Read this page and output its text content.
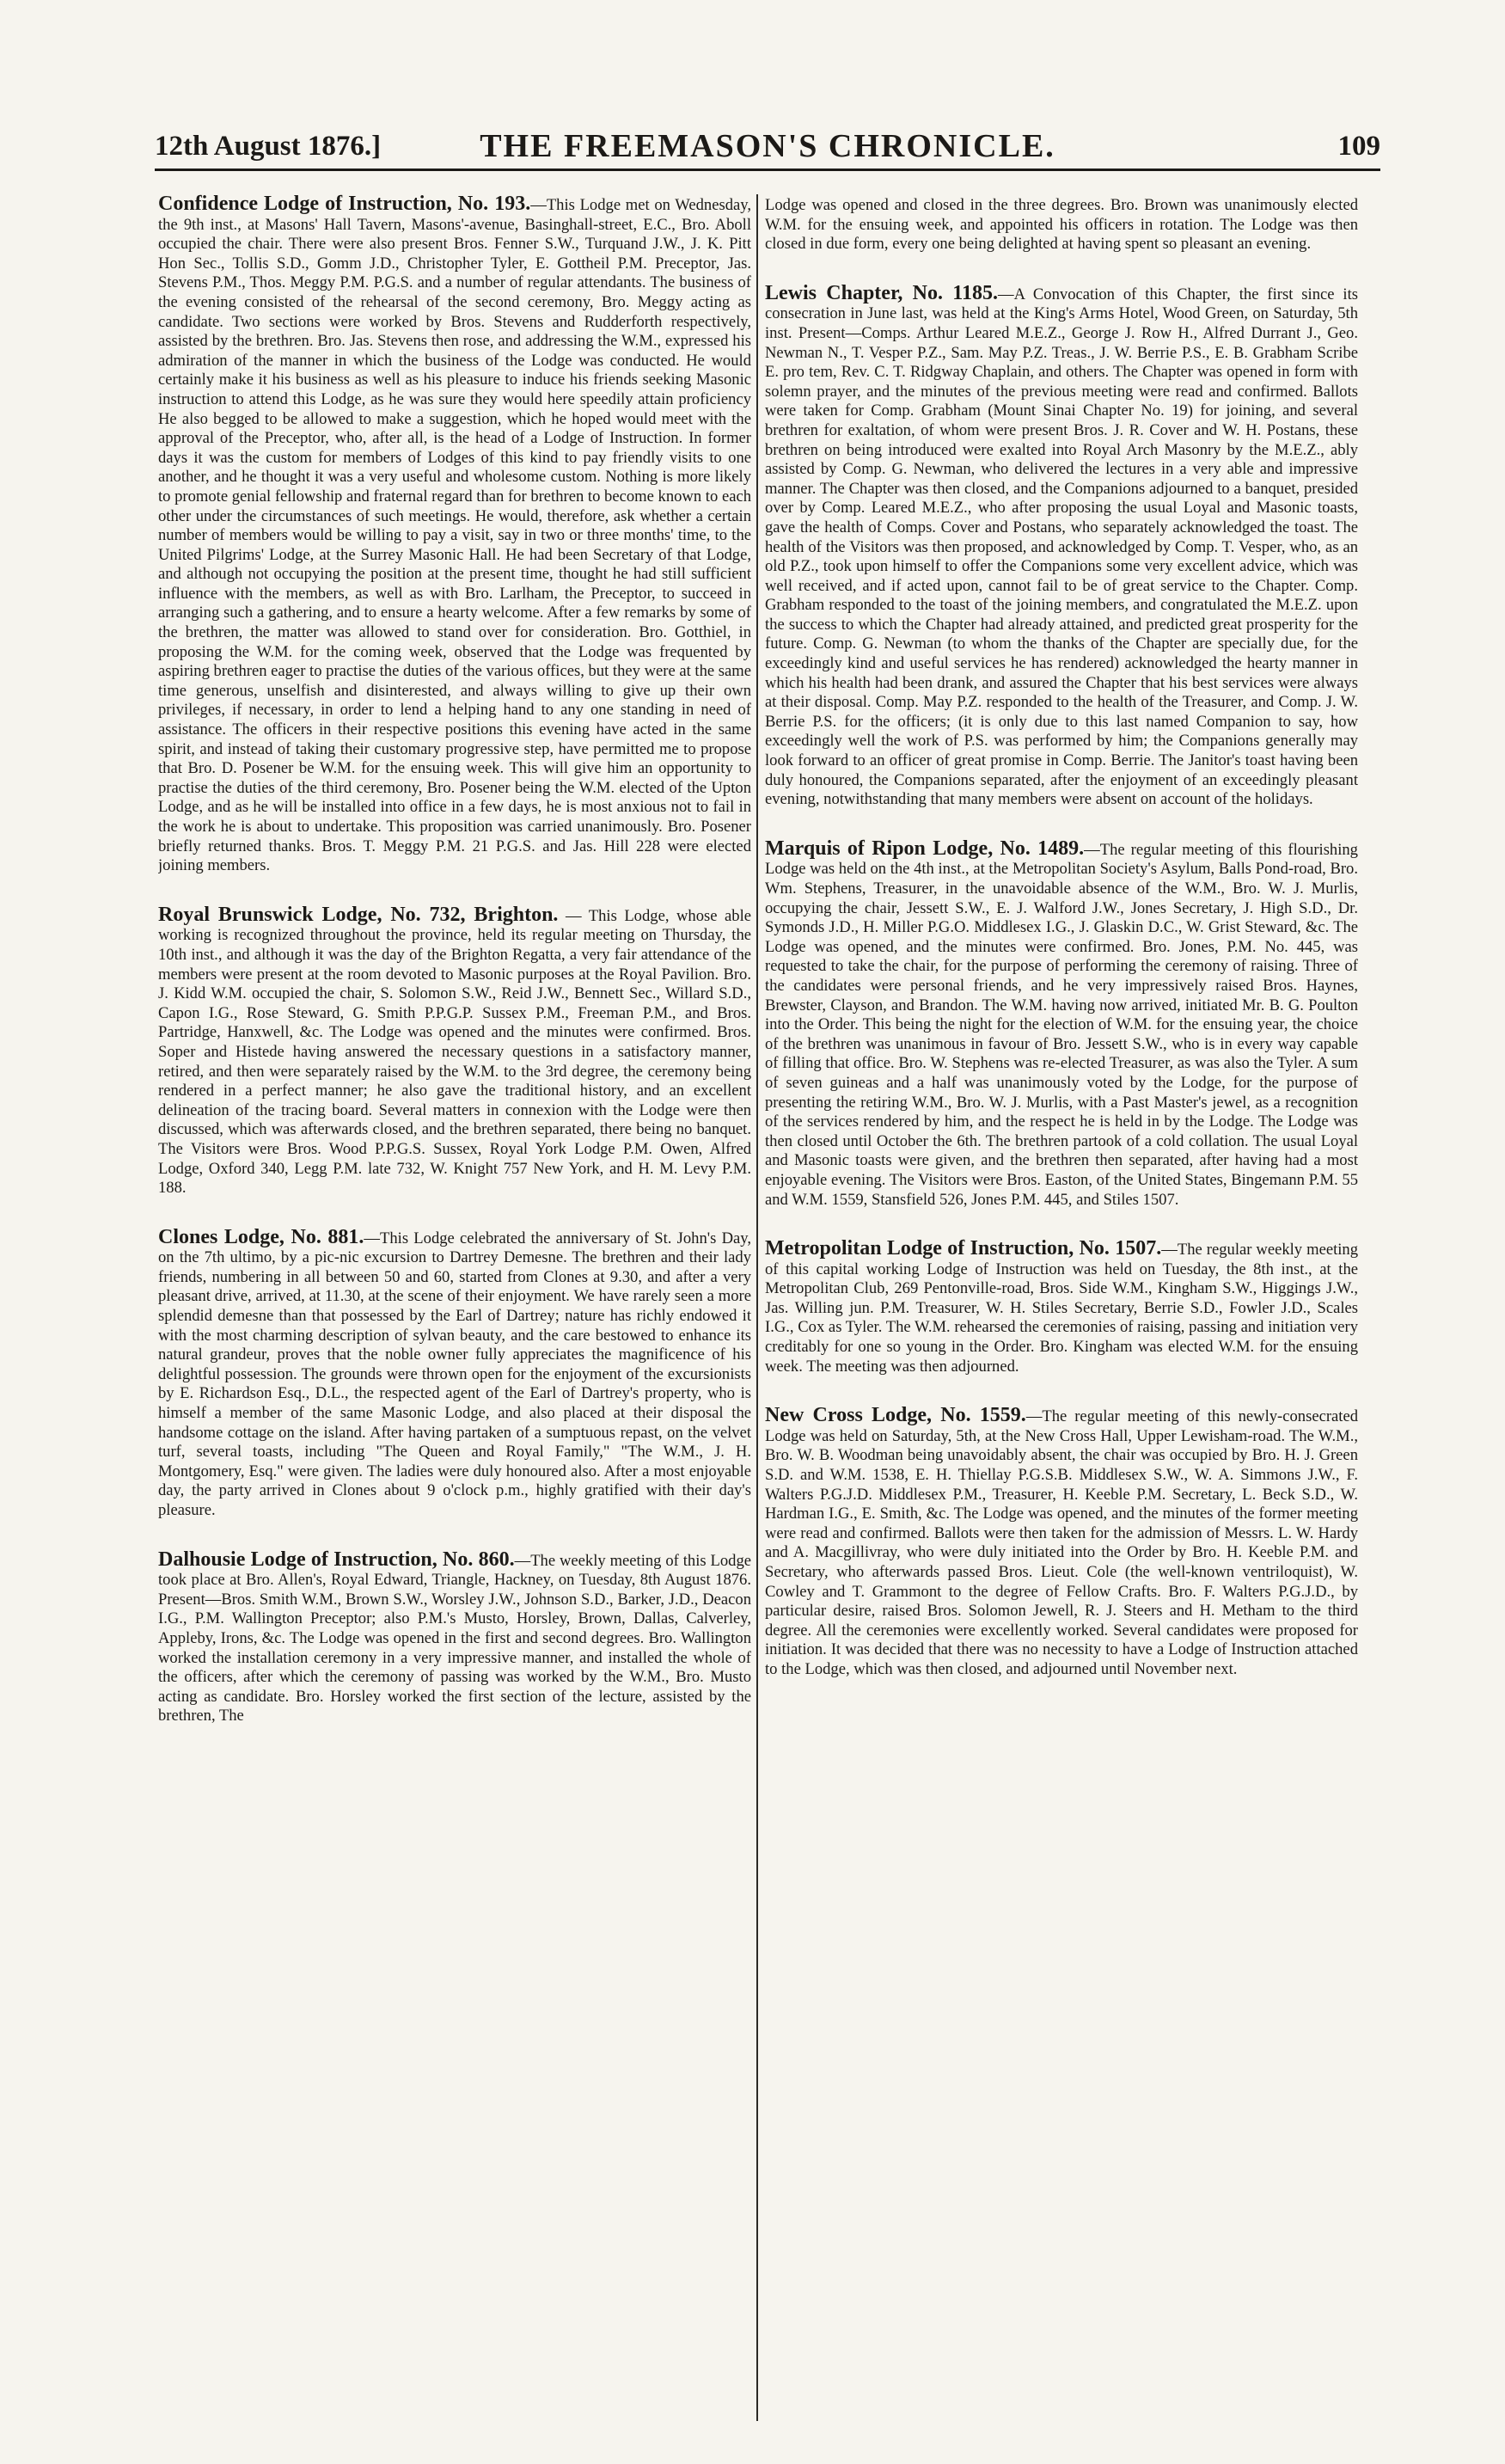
12th August 1876.]	THE FREEMASON'S CHRONICLE.	109

Confidence Lodge of Instruction, No. 193.—This Lodge met on Wednesday, the 9th inst., at Masons' Hall Tavern, Masons'-avenue, Basinghall-street, E.C., Bro. Aboll occupied the chair. There were also present Bros. Fenner S.W., Turquand J.W., J. K. Pitt Hon Sec., Tollis S.D., Gomm J.D., Christopher Tyler, E. Gottheil P.M. Preceptor, Jas. Stevens P.M., Thos. Meggy P.M. P.G.S. and a number of regular attendants. The business of the evening consisted of the rehearsal of the second ceremony, Bro. Meggy acting as candidate. Two sections were worked by Bros. Stevens and Rudderforth respectively, assisted by the brethren. Bro. Jas. Stevens then rose, and addressing the W.M., expressed his admiration of the manner in which the business of the Lodge was conducted. He would certainly make it his business as well as his pleasure to induce his friends seeking Masonic instruction to attend this Lodge, as he was sure they would here speedily attain proficiency He also begged to be allowed to make a suggestion, which he hoped would meet with the approval of the Preceptor, who, after all, is the head of a Lodge of Instruction. In former days it was the custom for members of Lodges of this kind to pay friendly visits to one another, and he thought it was a very useful and wholesome custom. Nothing is more likely to promote genial fellowship and fraternal regard than for brethren to become known to each other under the circumstances of such meetings. He would, therefore, ask whether a certain number of members would be willing to pay a visit, say in two or three months' time, to the United Pilgrims' Lodge, at the Surrey Masonic Hall. He had been Secretary of that Lodge, and although not occupying the position at the present time, thought he had still sufficient influence with the members, as well as with Bro. Larlham, the Preceptor, to succeed in arranging such a gathering, and to ensure a hearty welcome. After a few remarks by some of the brethren, the matter was allowed to stand over for consideration. Bro. Gotthiel, in proposing the W.M. for the coming week, observed that the Lodge was frequented by aspiring brethren eager to practise the duties of the various offices, but they were at the same time generous, unselfish and disinterested, and always willing to give up their own privileges, if necessary, in order to lend a helping hand to any one standing in need of assistance. The officers in their respective positions this evening have acted in the same spirit, and instead of taking their customary progressive step, have permitted me to propose that Bro. D. Posener be W.M. for the ensuing week. This will give him an opportunity to practise the duties of the third ceremony, Bro. Posener being the W.M. elected of the Upton Lodge, and as he will be installed into office in a few days, he is most anxious not to fail in the work he is about to undertake. This proposition was carried unanimously. Bro. Posener briefly returned thanks. Bros. T. Meggy P.M. 21 P.G.S. and Jas. Hill 228 were elected joining members.

Royal Brunswick Lodge, No. 732, Brighton. — This Lodge, whose able working is recognized throughout the province, held its regular meeting on Thursday, the 10th inst., and although it was the day of the Brighton Regatta, a very fair attendance of the members were present at the room devoted to Masonic purposes at the Royal Pavilion. Bro. J. Kidd W.M. occupied the chair, S. Solomon S.W., Reid J.W., Bennett Sec., Willard S.D., Capon I.G., Rose Steward, G. Smith P.P.G.P. Sussex P.M., Freeman P.M., and Bros. Partridge, Hanxwell, &c. The Lodge was opened and the minutes were confirmed. Bros. Soper and Histede having answered the necessary questions in a satisfactory manner, retired, and then were separately raised by the W.M. to the 3rd degree, the ceremony being rendered in a perfect manner; he also gave the traditional history, and an excellent delineation of the tracing board. Several matters in connexion with the Lodge were then discussed, which was afterwards closed, and the brethren separated, there being no banquet. The Visitors were Bros. Wood P.P.G.S. Sussex, Royal York Lodge P.M. Owen, Alfred Lodge, Oxford 340, Legg P.M. late 732, W. Knight 757 New York, and H. M. Levy P.M. 188.

Clones Lodge, No. 881.—This Lodge celebrated the anniversary of St. John's Day, on the 7th ultimo, by a pic-nic excursion to Dartrey Demesne. The brethren and their lady friends, numbering in all between 50 and 60, started from Clones at 9.30, and after a very pleasant drive, arrived, at 11.30, at the scene of their enjoyment. We have rarely seen a more splendid demesne than that possessed by the Earl of Dartrey; nature has richly endowed it with the most charming description of sylvan beauty, and the care bestowed to enhance its natural grandeur, proves that the noble owner fully appreciates the magnificence of his delightful possession. The grounds were thrown open for the enjoyment of the excursionists by E. Richardson Esq., D.L., the respected agent of the Earl of Dartrey's property, who is himself a member of the same Masonic Lodge, and also placed at their disposal the handsome cottage on the island. After having partaken of a sumptuous repast, on the velvet turf, several toasts, including "The Queen and Royal Family," "The W.M., J. H. Montgomery, Esq." were given. The ladies were duly honoured also. After a most enjoyable day, the party arrived in Clones about 9 o'clock p.m., highly gratified with their day's pleasure.

Dalhousie Lodge of Instruction, No. 860.—The weekly meeting of this Lodge took place at Bro. Allen's, Royal Edward, Triangle, Hackney, on Tuesday, 8th August 1876. Present—Bros. Smith W.M., Brown S.W., Worsley J.W., Johnson S.D., Barker, J.D., Deacon I.G., P.M. Wallington Preceptor; also P.M.'s Musto, Horsley, Brown, Dallas, Calverley, Appleby, Irons, &c. The Lodge was opened in the first and second degrees. Bro. Wallington worked the installation ceremony in a very impressive manner, and installed the whole of the officers, after which the ceremony of passing was worked by the W.M., Bro. Musto acting as candidate. Bro. Horsley worked the first section of the lecture, assisted by the brethren, The

Lodge was opened and closed in the three degrees. Bro. Brown was unanimously elected W.M. for the ensuing week, and appointed his officers in rotation. The Lodge was then closed in due form, every one being delighted at having spent so pleasant an evening.

Lewis Chapter, No. 1185.—A Convocation of this Chapter, the first since its consecration in June last, was held at the King's Arms Hotel, Wood Green, on Saturday, 5th inst. Present—Comps. Arthur Leared M.E.Z., George J. Row H., Alfred Durrant J., Geo. Newman N., T. Vesper P.Z., Sam. May P.Z. Treas., J. W. Berrie P.S., E. B. Grabham Scribe E. pro tem, Rev. C. T. Ridgway Chaplain, and others. The Chapter was opened in form with solemn prayer, and the minutes of the previous meeting were read and confirmed. Ballots were taken for Comp. Grabham (Mount Sinai Chapter No. 19) for joining, and several brethren for exaltation, of whom were present Bros. J. R. Cover and W. H. Postans, these brethren on being introduced were exalted into Royal Arch Masonry by the M.E.Z., ably assisted by Comp. G. Newman, who delivered the lectures in a very able and impressive manner. The Chapter was then closed, and the Companions adjourned to a banquet, presided over by Comp. Leared M.E.Z., who after proposing the usual Loyal and Masonic toasts, gave the health of Comps. Cover and Postans, who separately acknowledged the toast. The health of the Visitors was then proposed, and acknowledged by Comp. T. Vesper, who, as an old P.Z., took upon himself to offer the Companions some very excellent advice, which was well received, and if acted upon, cannot fail to be of great service to the Chapter. Comp. Grabham responded to the toast of the joining members, and congratulated the M.E.Z. upon the success to which the Chapter had already attained, and predicted great prosperity for the future. Comp. G. Newman (to whom the thanks of the Chapter are specially due, for the exceedingly kind and useful services he has rendered) acknowledged the hearty manner in which his health had been drank, and assured the Chapter that his best services were always at their disposal. Comp. May P.Z. responded to the health of the Treasurer, and Comp. J. W. Berrie P.S. for the officers; (it is only due to this last named Companion to say, how exceedingly well the work of P.S. was performed by him; the Companions generally may look forward to an officer of great promise in Comp. Berrie. The Janitor's toast having been duly honoured, the Companions separated, after the enjoyment of an exceedingly pleasant evening, notwithstanding that many members were absent on account of the holidays.

Marquis of Ripon Lodge, No. 1489.—The regular meeting of this flourishing Lodge was held on the 4th inst., at the Metropolitan Society's Asylum, Balls Pond-road, Bro. Wm. Stephens, Treasurer, in the unavoidable absence of the W.M., Bro. W. J. Murlis, occupying the chair, Jessett S.W., E. J. Walford J.W., Jones Secretary, J. High S.D., Dr. Symonds J.D., H. Miller P.G.O. Middlesex I.G., J. Glaskin D.C., W. Grist Steward, &c. The Lodge was opened, and the minutes were confirmed. Bro. Jones, P.M. No. 445, was requested to take the chair, for the purpose of performing the ceremony of raising. Three of the candidates were personal friends, and he very impressively raised Bros. Haynes, Brewster, Clayson, and Brandon. The W.M. having now arrived, initiated Mr. B. G. Poulton into the Order. This being the night for the election of W.M. for the ensuing year, the choice of the brethren was unanimous in favour of Bro. Jessett S.W., who is in every way capable of filling that office. Bro. W. Stephens was re-elected Treasurer, as was also the Tyler. A sum of seven guineas and a half was unanimously voted by the Lodge, for the purpose of presenting the retiring W.M., Bro. W. J. Murlis, with a Past Master's jewel, as a recognition of the services rendered by him, and the respect he is held in by the Lodge. The Lodge was then closed until October the 6th. The brethren partook of a cold collation. The usual Loyal and Masonic toasts were given, and the brethren then separated, after having had a most enjoyable evening. The Visitors were Bros. Easton, of the United States, Bingemann P.M. 55 and W.M. 1559, Stansfield 526, Jones P.M. 445, and Stiles 1507.

Metropolitan Lodge of Instruction, No. 1507.—The regular weekly meeting of this capital working Lodge of Instruction was held on Tuesday, the 8th inst., at the Metropolitan Club, 269 Pentonville-road, Bros. Side W.M., Kingham S.W., Higgings J.W., Jas. Willing jun. P.M. Treasurer, W. H. Stiles Secretary, Berrie S.D., Fowler J.D., Scales I.G., Cox as Tyler. The W.M. rehearsed the ceremonies of raising, passing and initiation very creditably for one so young in the Order. Bro. Kingham was elected W.M. for the ensuing week. The meeting was then adjourned.

New Cross Lodge, No. 1559.—The regular meeting of this newly-consecrated Lodge was held on Saturday, 5th, at the New Cross Hall, Upper Lewisham-road. The W.M., Bro. W. B. Woodman being unavoidably absent, the chair was occupied by Bro. H. J. Green S.D. and W.M. 1538, E. H. Thiellay P.G.S.B. Middlesex S.W., W. A. Simmons J.W., F. Walters P.G.J.D. Middlesex P.M., Treasurer, H. Keeble P.M. Secretary, L. Beck S.D., W. Hardman I.G., E. Smith, &c. The Lodge was opened, and the minutes of the former meeting were read and confirmed. Ballots were then taken for the admission of Messrs. L. W. Hardy and A. Macgillivray, who were duly initiated into the Order by Bro. H. Keeble P.M. and Secretary, who afterwards passed Bros. Lieut. Cole (the well-known ventriloquist), W. Cowley and T. Grammont to the degree of Fellow Crafts. Bro. F. Walters P.G.J.D., by particular desire, raised Bros. Solomon Jewell, R. J. Steers and H. Metham to the third degree. All the ceremonies were excellently worked. Several candidates were proposed for initiation. It was decided that there was no necessity to have a Lodge of Instruction attached to the Lodge, which was then closed, and adjourned until November next.
